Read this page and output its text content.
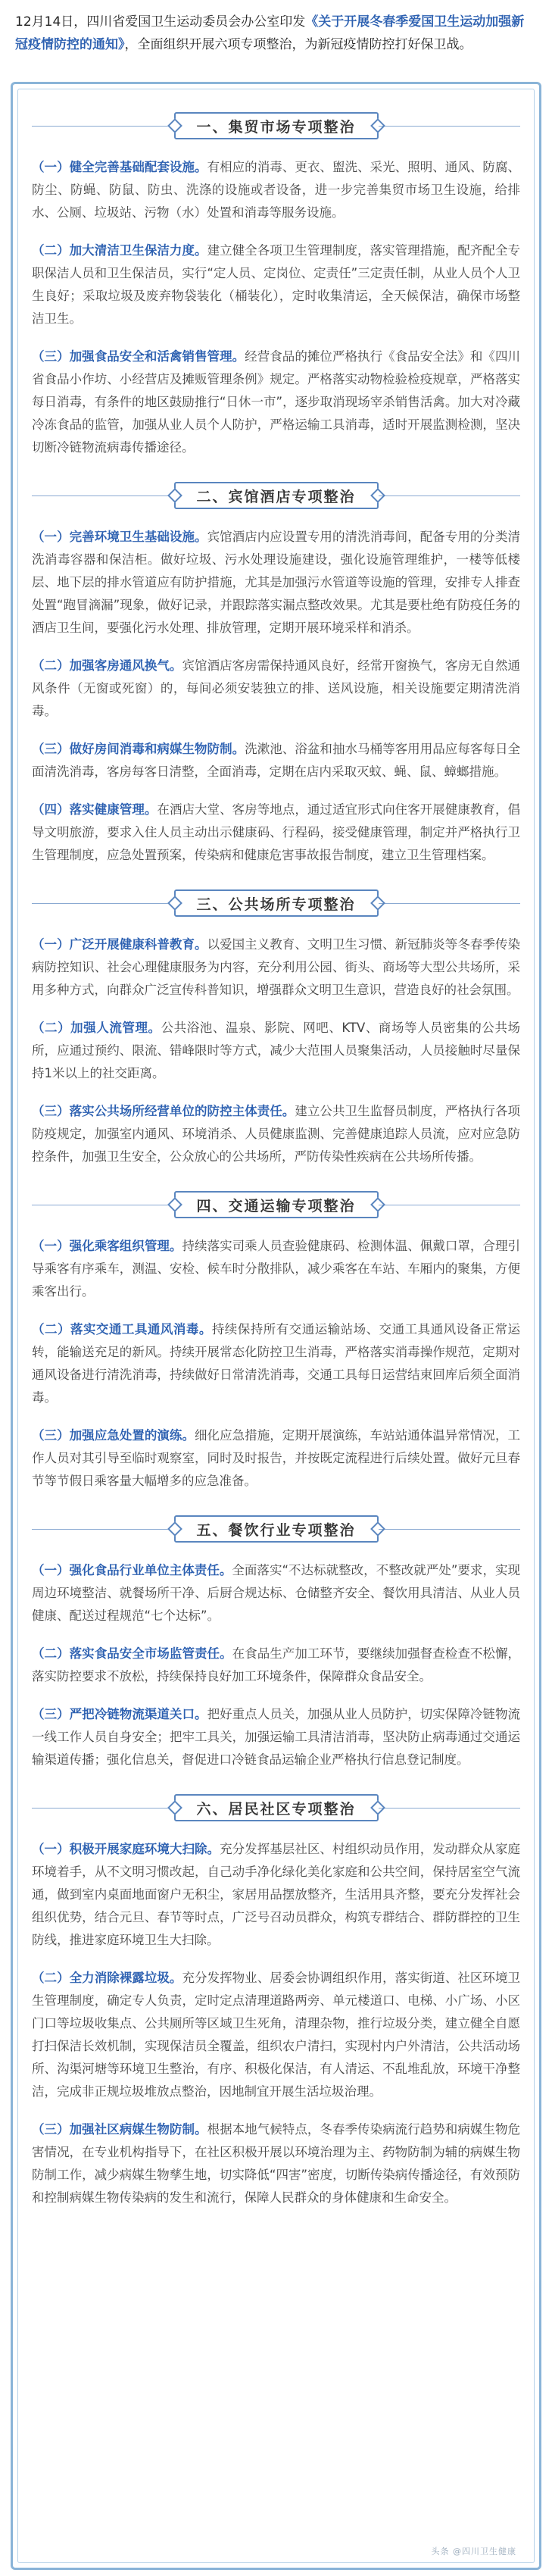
12月14日，四川省爱国卫生运动委员会办公室印发《关于开展冬春季爱国卫生运动加强新冠疫情防控的通知》，全面组织开展六项专项整治，为新冠疫情防控打好保卫战。

一、集贸市场专项整治

（一）健全完善基础配套设施。有相应的消毒、更衣、盥洗、采光、照明、通风、防腐、防尘、防蝇、防鼠、防虫、洗涤的设施或者设备，进一步完善集贸市场卫生设施，给排水、公厕、垃圾站、污物（水）处置和消毒等服务设施。

（二）加大清洁卫生保洁力度。建立健全各项卫生管理制度，落实管理措施，配齐配全专职保洁人员和卫生保洁员，实行“定人员、定岗位、定责任”三定责任制，从业人员个人卫生良好；采取垃圾及废弃物袋装化（桶装化），定时收集清运，全天候保洁，确保市场整洁卫生。

（三）加强食品安全和活禽销售管理。经营食品的摊位严格执行《食品安全法》和《四川省食品小作坊、小经营店及摊贩管理条例》规定。严格落实动物检验检疫规章，严格落实每日消毒，有条件的地区鼓励推行“日休一市”，逐步取消现场宰杀销售活禽。加大对冷藏冷冻食品的监管，加强从业人员个人防护，严格运输工具消毒，适时开展监测检测，坚决切断冷链物流病毒传播途径。

二、宾馆酒店专项整治

（一）完善环境卫生基础设施。宾馆酒店内应设置专用的清洗消毒间，配备专用的分类清洗消毒容器和保洁柜。做好垃圾、污水处理设施建设，强化设施管理维护，一楼等低楼层、地下层的排水管道应有防护措施，尤其是加强污水管道等设施的管理，安排专人排查处置“跑冒滴漏”现象，做好记录，并跟踪落实漏点整改效果。尤其是要杜绝有防疫任务的酒店卫生间，要强化污水处理、排放管理，定期开展环境采样和消杀。

（二）加强客房通风换气。宾馆酒店客房需保持通风良好，经常开窗换气，客房无自然通风条件（无窗或死窗）的，每间必须安装独立的排、送风设施，相关设施要定期清洗消毒。

（三）做好房间消毒和病媒生物防制。洗漱池、浴盆和抽水马桶等客用用品应每客每日全面清洗消毒，客房每客日清整，全面消毒，定期在店内采取灭蚊、蝇、鼠、蟑螂措施。

（四）落实健康管理。在酒店大堂、客房等地点，通过适宜形式向住客开展健康教育，倡导文明旅游，要求入住人员主动出示健康码、行程码，接受健康管理，制定并严格执行卫生管理制度，应急处置预案，传染病和健康危害事故报告制度，建立卫生管理档案。

三、公共场所专项整治

（一）广泛开展健康科普教育。以爱国主义教育、文明卫生习惯、新冠肺炎等冬春季传染病防控知识、社会心理健康服务为内容，充分利用公园、街头、商场等大型公共场所，采用多种方式，向群众广泛宣传科普知识，增强群众文明卫生意识，营造良好的社会氛围。

（二）加强人流管理。公共浴池、温泉、影院、网吧、KTV、商场等人员密集的公共场所，应通过预约、限流、错峰限时等方式，减少大范围人员聚集活动，人员接触时尽量保持1米以上的社交距离。

（三）落实公共场所经营单位的防控主体责任。建立公共卫生监督员制度，严格执行各项防疫规定，加强室内通风、环境消杀、人员健康监测、完善健康追踪人员流，应对应急防控条件，加强卫生安全，公众放心的公共场所，严防传染性疾病在公共场所传播。

四、交通运输专项整治

（一）强化乘客组织管理。持续落实司乘人员查验健康码、检测体温、佩戴口罩，合理引导乘客有序乘车，测温、安检、候车时分散排队，减少乘客在车站、车厢内的聚集，方便乘客出行。

（二）落实交通工具通风消毒。持续保持所有交通运输站场、交通工具通风设备正常运转，能输送充足的新风。持续开展常态化防控卫生消毒，严格落实消毒操作规范，定期对通风设备进行清洗消毒，持续做好日常清洗消毒，交通工具每日运营结束回库后须全面消毒。

（三）加强应急处置的演练。细化应急措施，定期开展演练，车站站通体温异常情况，工作人员对其引导至临时观察室，同时及时报告，并按既定流程进行后续处置。做好元旦春节等节假日乘客量大幅增多的应急准备。

五、餐饮行业专项整治

（一）强化食品行业单位主体责任。全面落实“不达标就整改，不整改就严处”要求，实现周边环境整洁、就餐场所干净、后厨合规达标、仓储整齐安全、餐饮用具清洁、从业人员健康、配送过程规范“七个达标”。

（二）落实食品安全市场监管责任。在食品生产加工环节，要继续加强督查检查不松懈，落实防控要求不放松，持续保持良好加工环境条件，保障群众食品安全。

（三）严把冷链物流渠道关口。把好重点人员关，加强从业人员防护，切实保障冷链物流一线工作人员自身安全；把牢工具关，加强运输工具清洁消毒，坚决防止病毒通过交通运输渠道传播；强化信息关，督促进口冷链食品运输企业严格执行信息登记制度。

六、居民社区专项整治

（一）积极开展家庭环境大扫除。充分发挥基层社区、村组织动员作用，发动群众从家庭环境着手，从不文明习惯改起，自己动手净化绿化美化家庭和公共空间，保持居室空气流通，做到室内桌面地面窗户无积尘，家居用品摆放整齐，生活用具齐整，要充分发挥社会组织优势，结合元旦、春节等时点，广泛号召动员群众，构筑专群结合、群防群控的卫生防线，推进家庭环境卫生大扫除。

（二）全力消除裸露垃圾。充分发挥物业、居委会协调组织作用，落实街道、社区环境卫生管理制度，确定专人负责，定时定点清理道路两旁、单元楼道口、电梯、小广场、小区门口等垃圾收集点、公共厕所等区域卫生死角，清理杂物，推行垃圾分类，建立健全自愿打扫保洁长效机制，实现保洁员全覆盖，组织农户清扫，实现村内户外清洁，公共活动场所、沟渠河塘等环境卫生整治，有序、积极化保洁，有人清运、不乱堆乱放，环境干净整洁，完成非正规垃圾堆放点整治，因地制宜开展生活垃圾治理。

（三）加强社区病媒生物防制。根据本地气候特点，冬春季传染病流行趋势和病媒生物危害情况，在专业机构指导下，在社区积极开展以环境治理为主、药物防制为辅的病媒生物防制工作，减少病媒生物孳生地，切实降低“四害”密度，切断传染病传播途径，有效预防和控制病媒生物传染病的发生和流行，保障人民群众的身体健康和生命安全。

头条 @四川卫生健康
